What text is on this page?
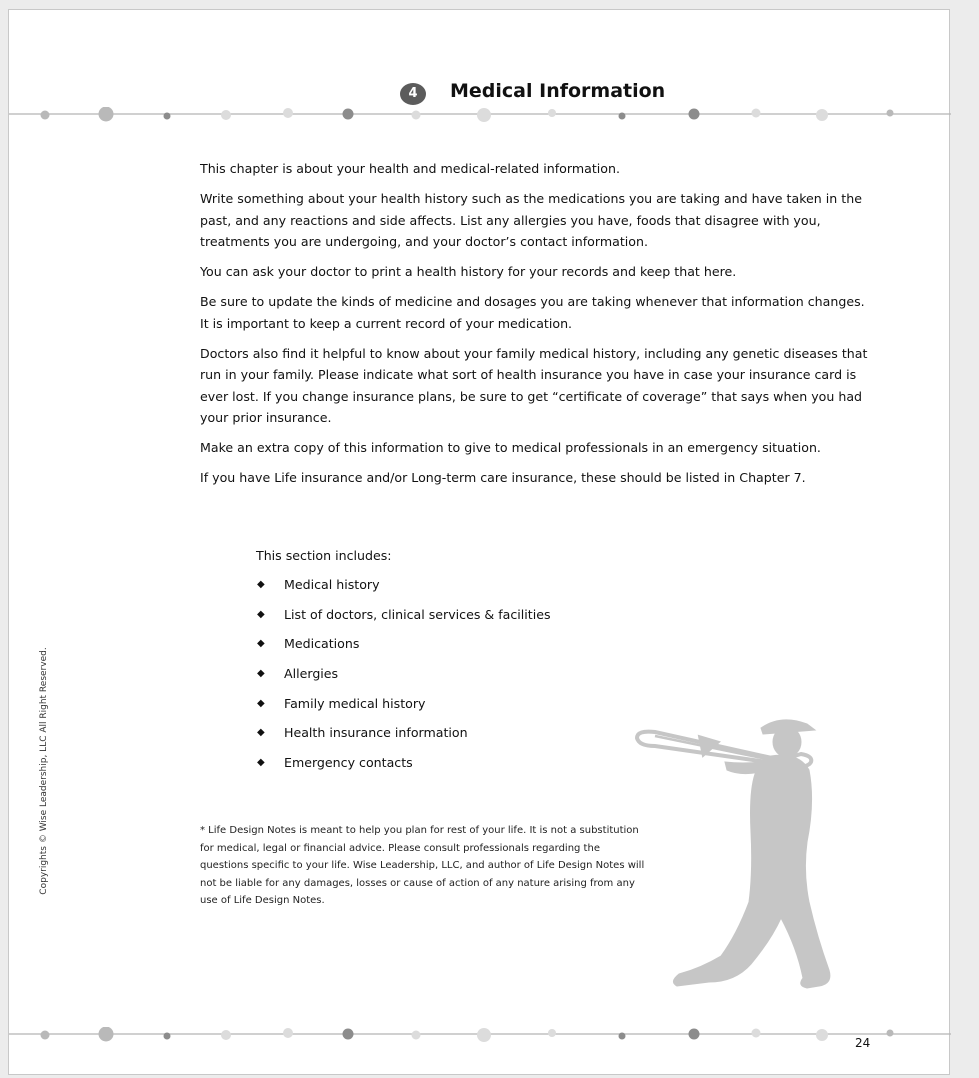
4	Medical Information

This chapter is about your health and medical-related information.

Write something about your health history such as the medications you are taking and have taken in the past, and any reactions and side affects. List any allergies you have, foods that disagree with you, treatments you are undergoing, and your doctor’s contact information.

You can ask your doctor to print a health history for your records and keep that here.

Be sure to update the kinds of medicine and dosages you are taking whenever that information changes. It is important to keep a current record of your medication.

Doctors also find it helpful to know about your family medical history, including any genetic diseases that run in your family. Please indicate what sort of health insurance you have in case your insurance card is ever lost. If you change insurance plans, be sure to get “certificate of coverage” that says when you had your prior insurance.

Make an extra copy of this information to give to medical professionals in an emergency situation.

If you have Life insurance and/or Long-term care insurance, these should be listed in Chapter 7.

This section includes:

◆ Medical history
◆ List of doctors, clinical services & facilities
◆ Medications
◆ Allergies
◆ Family medical history
◆ Health insurance information
◆ Emergency contacts
* Life Design Notes is meant to help you plan for rest of your life. It is not a substitution for medical, legal or financial advice. Please consult professionals regarding the questions specific to your life. Wise Leadership, LLC, and author of Life Design Notes will not be liable for any damages, losses or cause of action of any nature arising from any use of Life Design Notes.
Copyrights © Wise Leadership, LLC All Right Reserved.
24
